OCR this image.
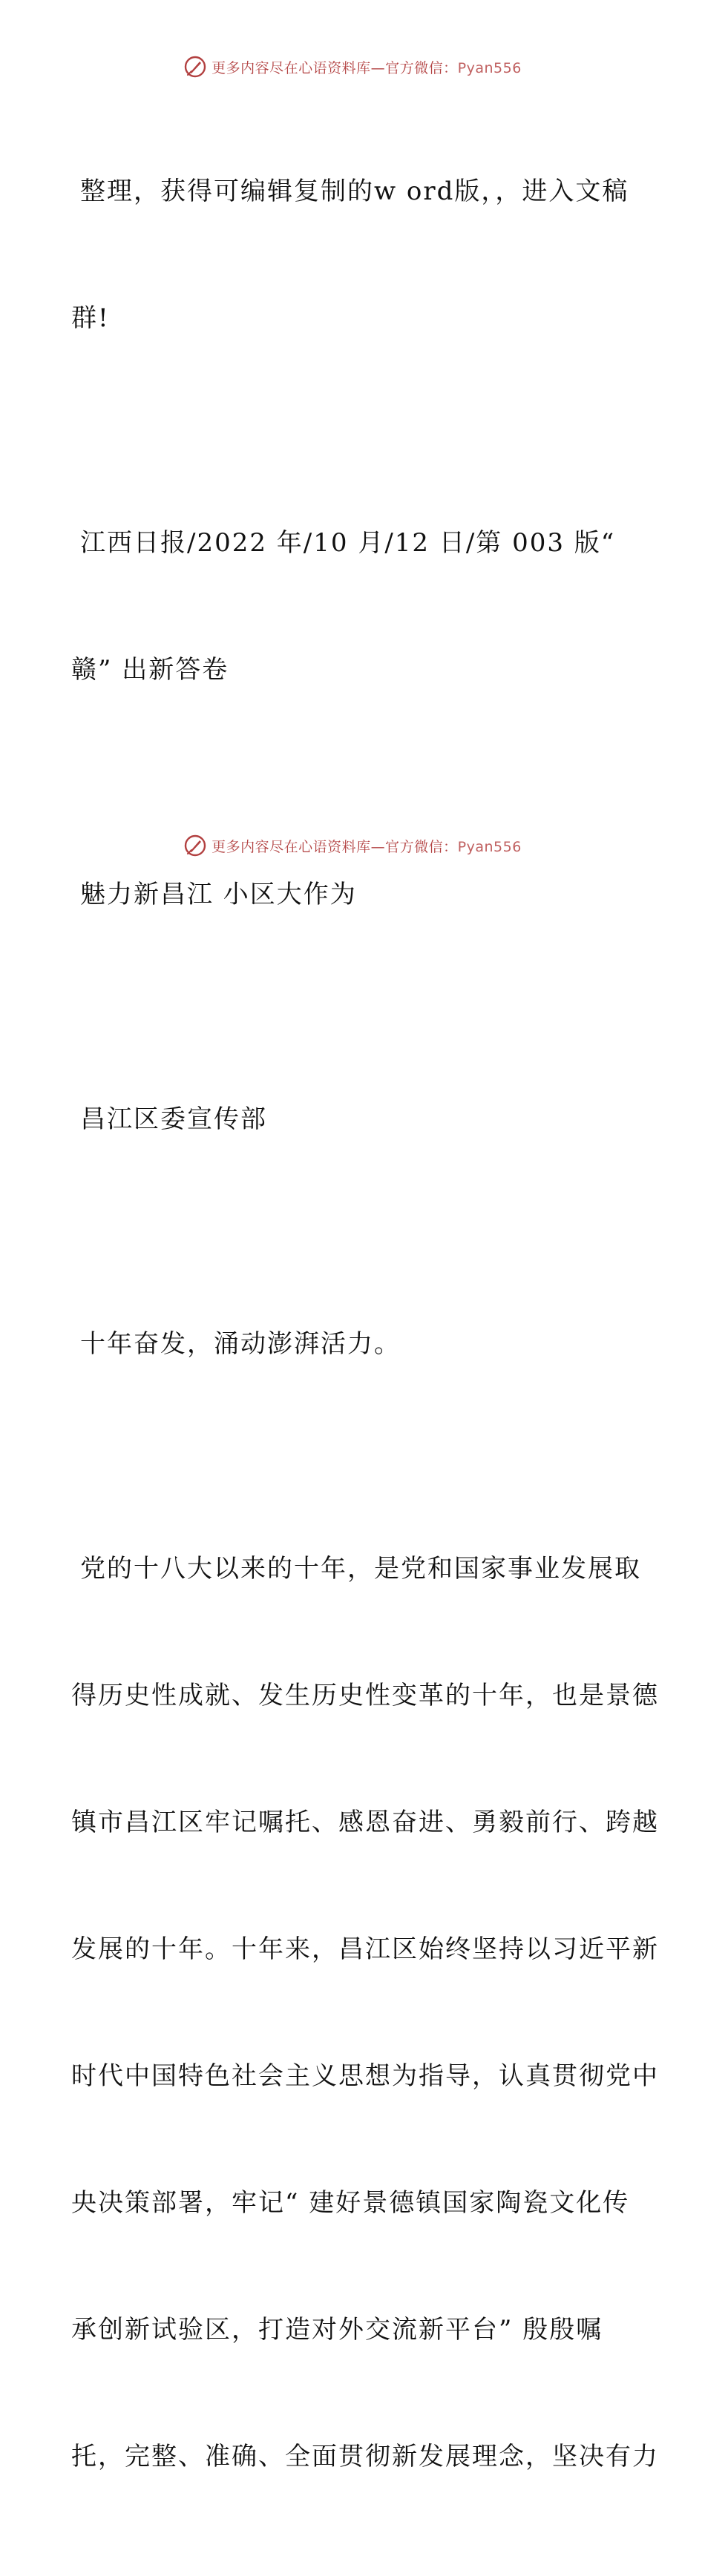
更多内容尽在心语资料库—官方微信：Pyan556

整理，获得可编辑复制的w ord版，，进入文稿

群!

江西日报/2022 年/10 月/12 日/第 003 版“

赣” 出新答卷

魅力新昌江 小区大作为

昌江区委宣传部

十年奋发，涌动澎湃活力。

党的十八大以来的十年，是党和国家事业发展取

得历史性成就、发生历史性变革的十年，也是景德

镇市昌江区牢记嘱托、感恩奋进、勇毅前行、跨越

发展的十年。十年来，昌江区始终坚持以习近平新

时代中国特色社会主义思想为指导，认真贯彻党中

央决策部署，牢记“ 建好景德镇国家陶瓷文化传

承创新试验区，打造对外交流新平台” 殷殷嘱

托，完整、准确、全面贯彻新发展理念，坚决有力

更多内容尽在心语资料库—官方微信：Pyan556
